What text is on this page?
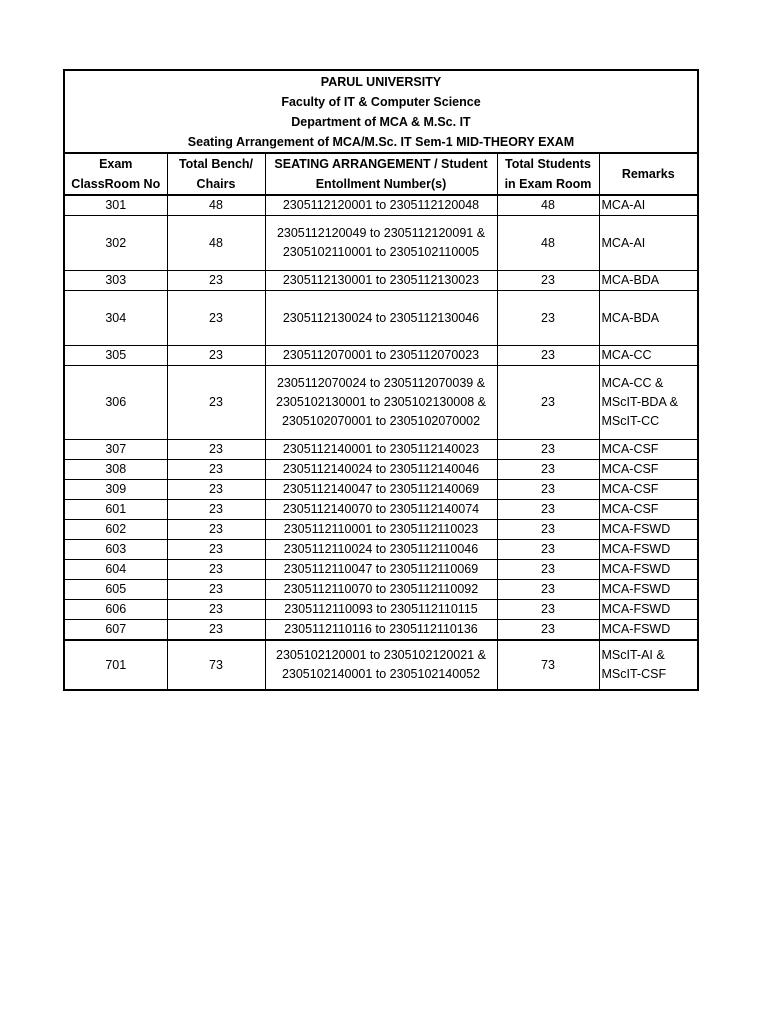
PARUL UNIVERSITY
Faculty of IT & Computer Science
Department of MCA & M.Sc. IT
Seating Arrangement of MCA/M.Sc. IT Sem-1 MID-THEORY EXAM
Exam ClassRoom No	Total Bench/ Chairs	SEATING ARRANGEMENT / Student Entollment Number(s)	Total Students in Exam Room	Remarks
301	48	2305112120001 to 2305112120048	48	MCA-AI
302	48	2305112120049 to 2305112120091 & 2305102110001 to 2305102110005	48	MCA-AI
303	23	2305112130001 to 2305112130023	23	MCA-BDA
304	23	2305112130024 to 2305112130046	23	MCA-BDA
305	23	2305112070001 to 2305112070023	23	MCA-CC
306	23	2305112070024 to 2305112070039 & 2305102130001 to 2305102130008 & 2305102070001 to 2305102070002	23	MCA-CC & MScIT-BDA & MScIT-CC
307	23	2305112140001 to 2305112140023	23	MCA-CSF
308	23	2305112140024 to 2305112140046	23	MCA-CSF
309	23	2305112140047 to 2305112140069	23	MCA-CSF
601	23	2305112140070 to 2305112140074	23	MCA-CSF
602	23	2305112110001 to 2305112110023	23	MCA-FSWD
603	23	2305112110024 to 2305112110046	23	MCA-FSWD
604	23	2305112110047 to 2305112110069	23	MCA-FSWD
605	23	2305112110070 to 2305112110092	23	MCA-FSWD
606	23	2305112110093 to 2305112110115	23	MCA-FSWD
607	23	2305112110116 to 2305112110136	23	MCA-FSWD
701	73	2305102120001 to 2305102120021 & 2305102140001 to 2305102140052	73	MScIT-AI & MScIT-CSF
